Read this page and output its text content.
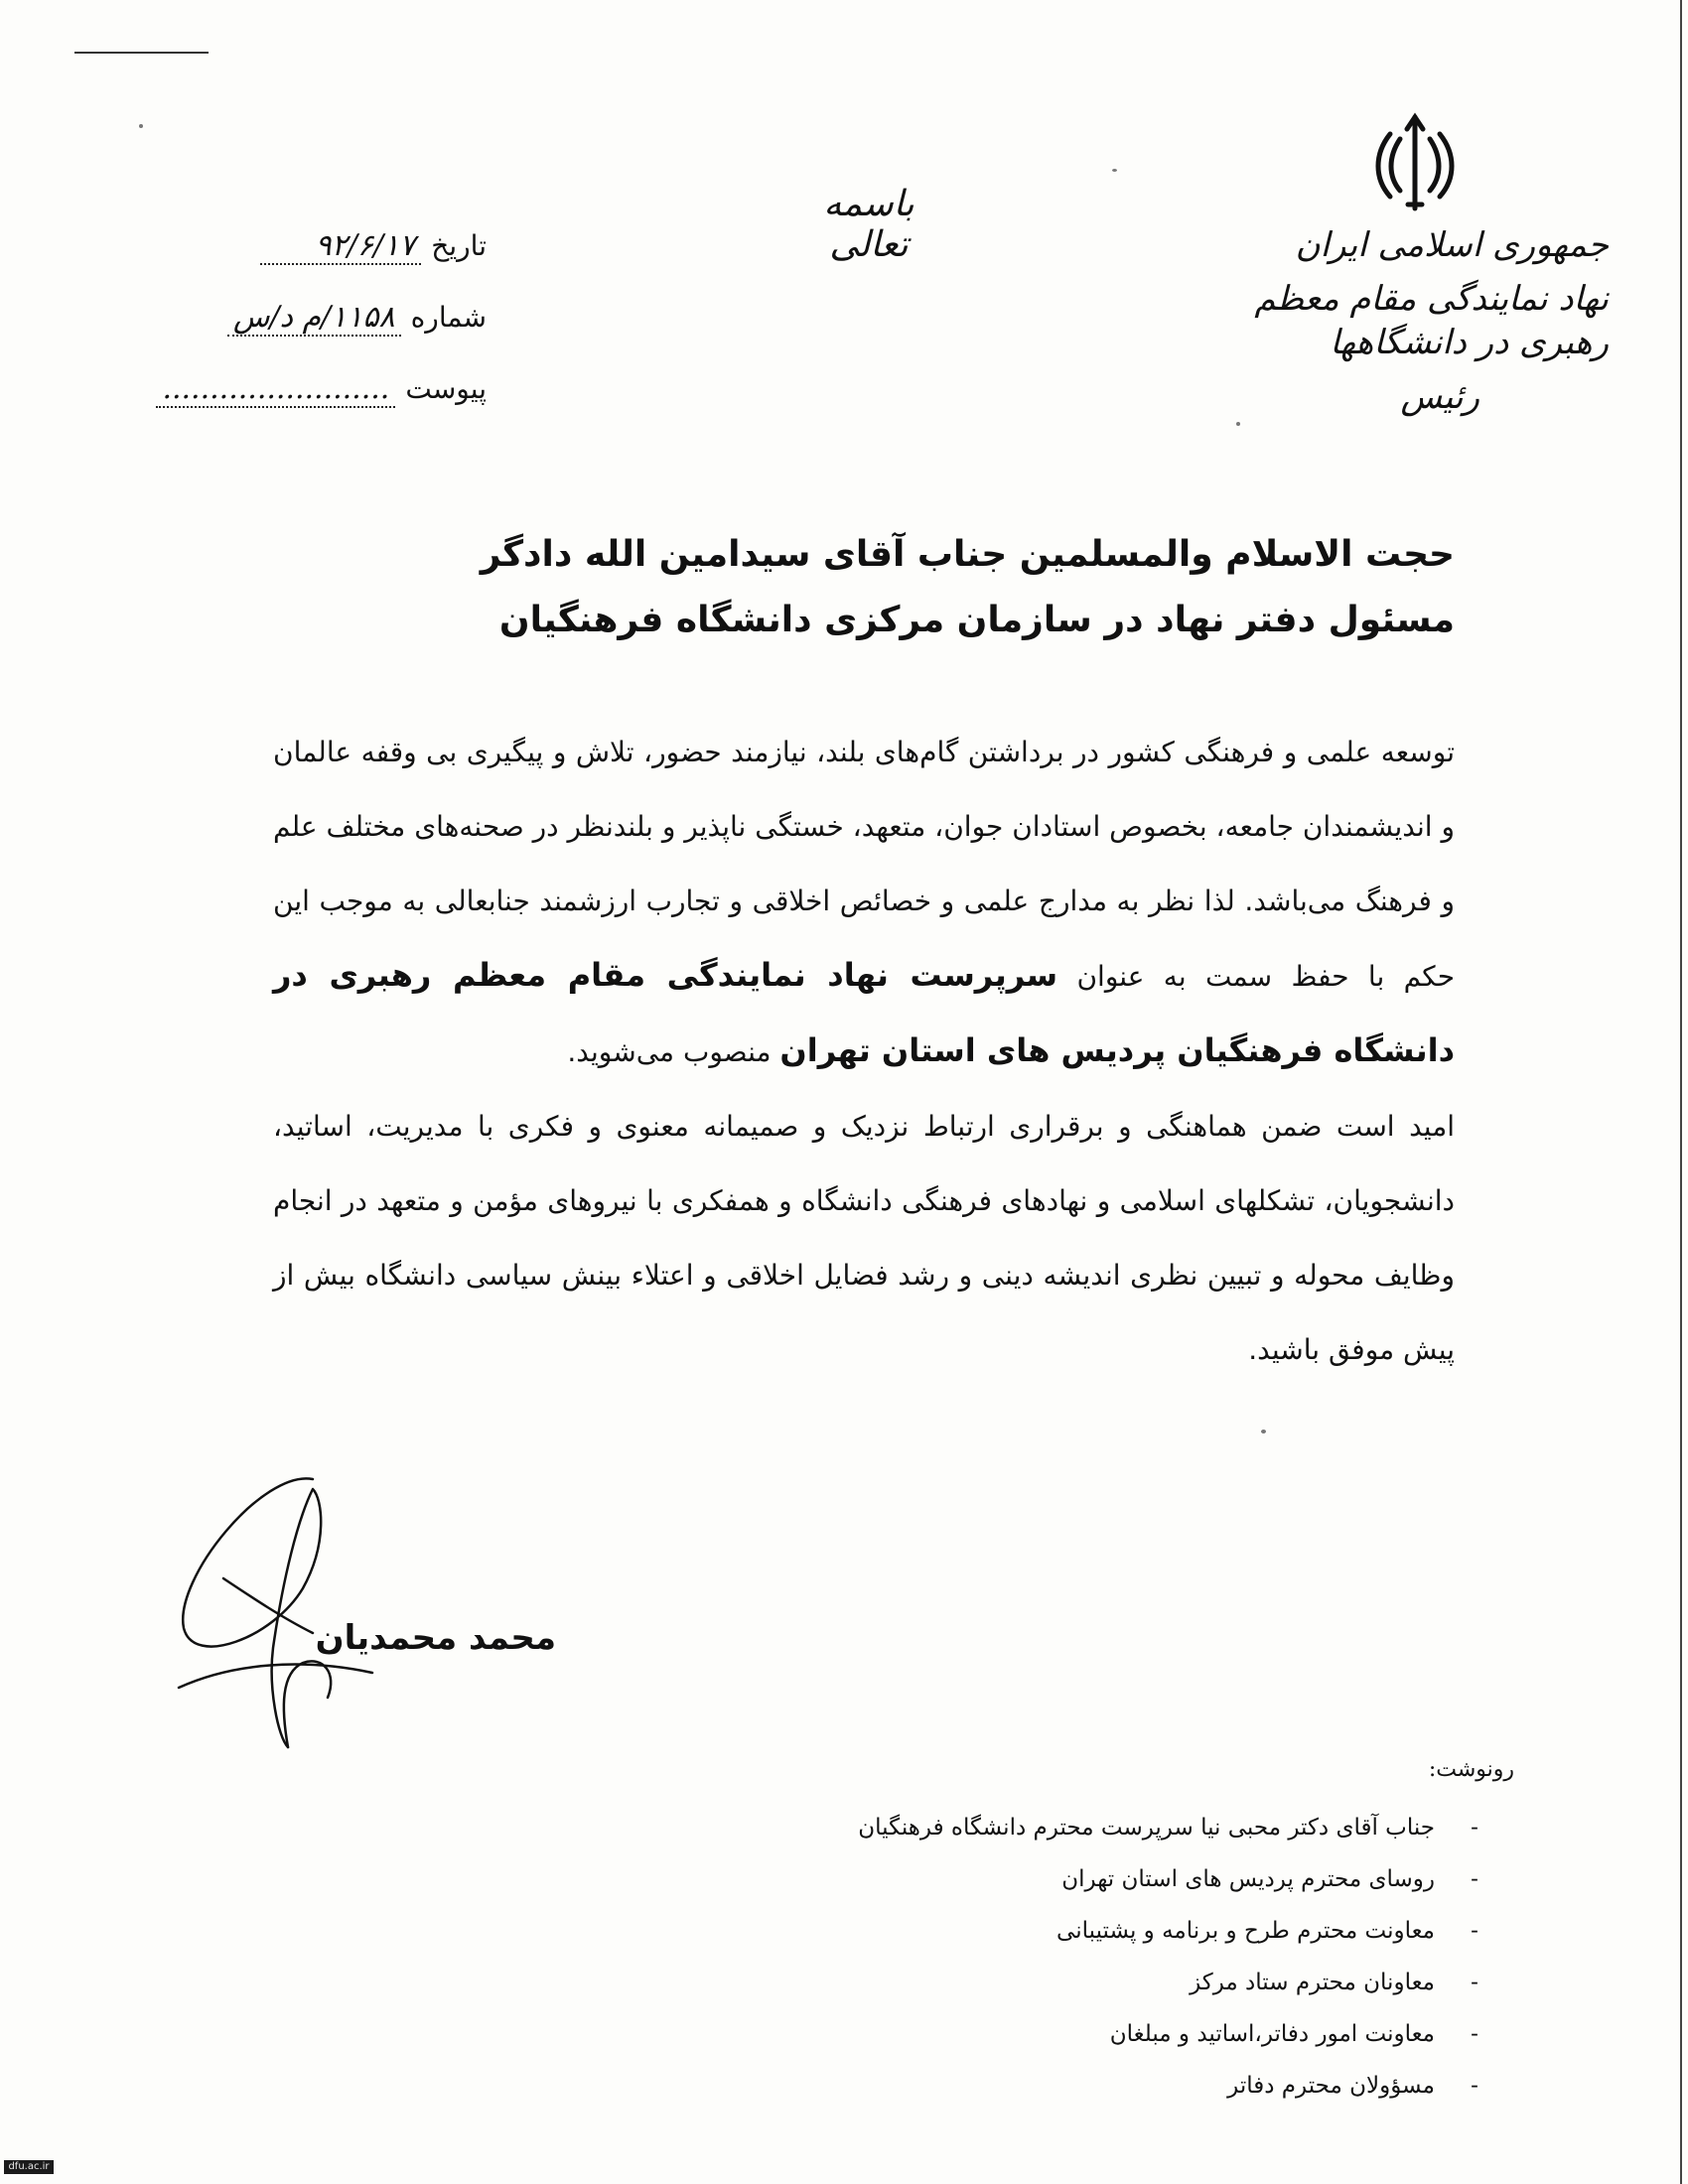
جمهوری اسلامی ایران
نهاد نمایندگی مقام معظم رهبری در دانشگاهها
رئیس
باسمه تعالی
تاریخ
۹۲/۶/۱۷
شماره
۱۱۵۸/م د/س
پیوست
........................
حجت الاسلام والمسلمین جناب آقای سیدامین الله دادگر
مسئول دفتر نهاد در سازمان مرکزی دانشگاه فرهنگیان

توسعه علمی و فرهنگی کشور در برداشتن گام‌های بلند، نیازمند حضور، تلاش و پیگیری بی وقفه عالمان و اندیشمندان جامعه، بخصوص استادان جوان، متعهد، خستگی ناپذیر و بلندنظر در صحنه‌های مختلف علم و فرهنگ می‌باشد. لذا نظر به مدارج علمی و خصائص اخلاقی و تجارب ارزشمند جنابعالی به موجب این حکم با حفظ سمت به عنوان سرپرست نهاد نمایندگی مقام معظم رهبری در دانشگاه فرهنگیان پردیس های استان تهران منصوب می‌شوید.

امید است ضمن هماهنگی و برقراری ارتباط نزدیک و صمیمانه معنوی و فکری با مدیریت، اساتید، دانشجویان، تشکلهای اسلامی و نهادهای فرهنگی دانشگاه و همفکری با نیروهای مؤمن و متعهد در انجام وظایف محوله و تبیین نظری اندیشه دینی و رشد فضایل اخلاقی و اعتلاء بینش سیاسی دانشگاه بیش از پیش موفق باشید.

محمد محمدیان
رونوشت:
-
جناب آقای دکتر محبی نیا سرپرست محترم دانشگاه فرهنگیان
-
روسای محترم پردیس های استان تهران
-
معاونت محترم طرح و برنامه و پشتیبانی
-
معاونان محترم ستاد مرکز
-
معاونت امور دفاتر،اساتید و مبلغان
-
مسؤولان محترم دفاتر
dfu.ac.ir
